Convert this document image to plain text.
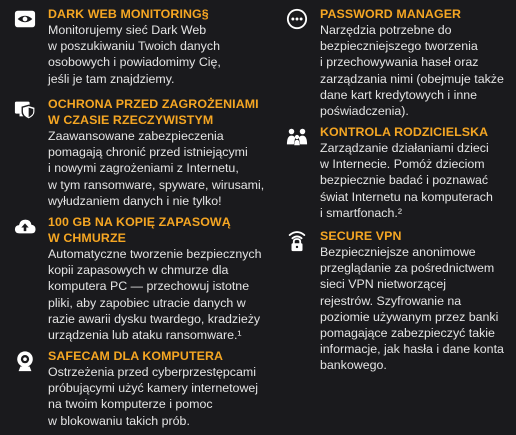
DARK WEB MONITORING§

Monitorujemy sieć Dark Web
w poszukiwaniu Twoich danych
osobowych i powiadomimy Cię,
jeśli je tam znajdziemy.

OCHRONA PRZED ZAGROŻENIAMI
W CZASIE RZECZYWISTYM

Zaawansowane zabezpieczenia
pomagają chronić przed istniejącymi
i nowymi zagrożeniami z Internetu,
w tym ransomware, spyware, wirusami,
wyłudzaniem danych i nie tylko!

100 GB NA KOPIĘ ZAPASOWĄ
W CHMURZE

Automatyczne tworzenie bezpiecznych
kopii zapasowych w chmurze dla
komputera PC — przechowuj istotne
pliki, aby zapobiec utracie danych w
razie awarii dysku twardego, kradzieży
urządzenia lub ataku ransomware.¹

SAFECAM DLA KOMPUTERA

Ostrzeżenia przed cyberprzestępcami
próbującymi użyć kamery internetowej
na twoim komputerze i pomoc
w blokowaniu takich prób.

PASSWORD MANAGER

Narzędzia potrzebne do
bezpieczniejszego tworzenia
i przechowywania haseł oraz
zarządzania nimi (obejmuje także
dane kart kredytowych i inne
poświadczenia).

KONTROLA RODZICIELSKA

Zarządzanie działaniami dzieci
w Internecie. Pomóż dzieciom
bezpiecznie badać i poznawać
świat Internetu na komputerach
i smartfonach.²

SECURE VPN

Bezpieczniejsze anonimowe
przeglądanie za pośrednictwem
sieci VPN nietworzącej
rejestrów. Szyfrowanie na
poziomie używanym przez banki
pomagające zabezpieczyć takie
informacje, jak hasła i dane konta
bankowego.
